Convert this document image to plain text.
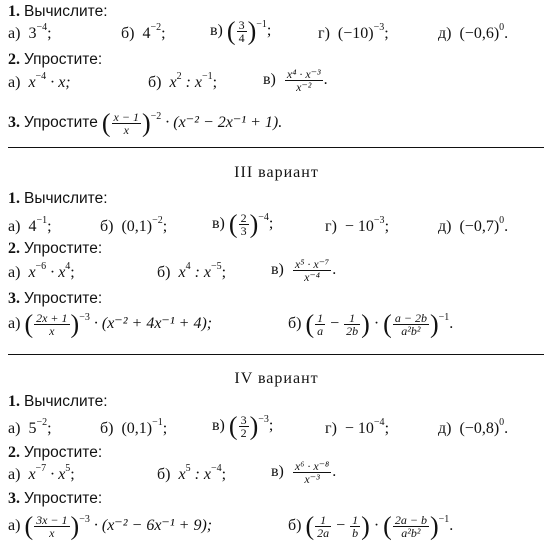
1. Вычислите:
а) $3^{-4}$;	б) $4^{-2}$;	в) ( $\frac{3}{4} )^{-1}$;	г) $(-10)^{-3}$;	д) $(-0,6)^0$.
2. Упростите:
а) $x^{-4} \cdot x$;	б) $x^2$ : $x^{-1}$;	$в) \frac{\text{x⁴ · x⁻³}}{\text{x⁻²}}$ .
3. Упростите ( $\frac{x - 1}{x} )^{-2} \cdot (x^{-2} - 2x^{-1} + 1)$.
III вариант
1. Вычислите:
а) $4^{-1}$;	б) $(0,1)^{-2}$;	в) ( $\frac{2}{3} )^{-4}$;	$г) - 10^{-3}$;	д) $(-0,7)^0$.
2. Упростите:
а) $x^{-6} \cdot x^4$;	б) $x^4$ : $x^{-5}$;	$в) \frac{\text{x⁵ · x⁻⁷}}{\text{x⁻⁴}}$ .
3. Упростите:
а) ( $\frac{2x + 1}{x} )^{-3} \cdot (x^{-2} + 4x^{-1} + 4)$;	б) ( $\frac{1}{a} - \frac{1}{2b}$ ) · ( $\frac{a - 2b}{\text{a²b²}} )^{-1}$.
IV вариант
1. Вычислите:
а) $5^{-2}$;	б) $(0,1)^{-1}$;	в) ( $\frac{3}{2} )^{-3}$;	$г) - 10^{-4}$;	д) $(-0,8)^0$.
2. Упростите:
а) $x^{-7} \cdot x^5$;	б) $x^5$ : $x^{-4}$;	$в) \frac{\text{x⁶ · x⁻⁸}}{\text{x⁻³}}$ .
3. Упростите:
а) ( $\frac{3x - 1}{x} )^{-3} \cdot (x^{-2} - 6x^{-1} + 9)$;	б) ( $\frac{1}{2a} - \frac{1}{b}$ ) · ( $\frac{2a - b}{\text{a²b²}} )^{-1}$.
